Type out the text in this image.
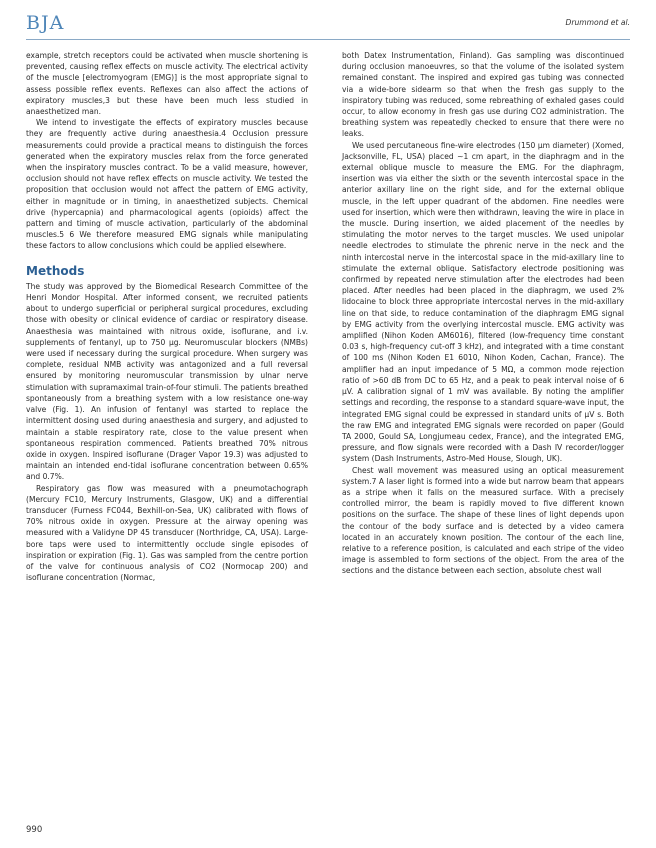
BJA	Drummond et al.

example, stretch receptors could be activated when muscle shortening is prevented, causing reflex effects on muscle activity. The electrical activity of the muscle [electromyogram (EMG)] is the most appropriate signal to assess possible reflex events. Reflexes can also affect the actions of expiratory muscles,3 but these have been much less studied in anaesthetized man.

We intend to investigate the effects of expiratory muscles because they are frequently active during anaesthesia.4 Occlusion pressure measurements could provide a practical means to distinguish the forces generated when the expiratory muscles relax from the force generated when the inspiratory muscles contract. To be a valid measure, however, occlusion should not have reflex effects on muscle activity. We tested the proposition that occlusion would not affect the pattern of EMG activity, either in magnitude or in timing, in anaesthetized subjects. Chemical drive (hypercapnia) and pharmacological agents (opioids) affect the pattern and timing of muscle activation, particularly of the abdominal muscles.5 6 We therefore measured EMG signals while manipulating these factors to allow conclusions which could be applied elsewhere.

Methods

The study was approved by the Biomedical Research Committee of the Henri Mondor Hospital. After informed consent, we recruited patients about to undergo superficial or peripheral surgical procedures, excluding those with obesity or clinical evidence of cardiac or respiratory disease. Anaesthesia was maintained with nitrous oxide, isoflurane, and i.v. supplements of fentanyl, up to 750 μg. Neuromuscular blockers (NMBs) were used if necessary during the surgical procedure. When surgery was complete, residual NMB activity was antagonized and a full reversal ensured by monitoring neuromuscular transmission by ulnar nerve stimulation with supramaximal train-of-four stimuli. The patients breathed spontaneously from a breathing system with a low resistance one-way valve (Fig. 1). An infusion of fentanyl was started to replace the intermittent dosing used during anaesthesia and surgery, and adjusted to maintain a stable respiratory rate, close to the value present when spontaneous respiration commenced. Patients breathed 70% nitrous oxide in oxygen. Inspired isoflurane (Drager Vapor 19.3) was adjusted to maintain an intended end-tidal isoflurane concentration between 0.65% and 0.7%.

Respiratory gas flow was measured with a pneumotachograph (Mercury FC10, Mercury Instruments, Glasgow, UK) and a differential transducer (Furness FC044, Bexhill-on-Sea, UK) calibrated with flows of 70% nitrous oxide in oxygen. Pressure at the airway opening was measured with a Validyne DP 45 transducer (Northridge, CA, USA). Large-bore taps were used to intermittently occlude single episodes of inspiration or expiration (Fig. 1). Gas was sampled from the centre portion of the valve for continuous analysis of CO2 (Normocap 200) and isoflurane concentration (Normac,

both Datex Instrumentation, Finland). Gas sampling was discontinued during occlusion manoeuvres, so that the volume of the isolated system remained constant. The inspired and expired gas tubing was connected via a wide-bore sidearm so that when the fresh gas supply to the inspiratory tubing was reduced, some rebreathing of exhaled gases could occur, to allow economy in fresh gas use during CO2 administration. The breathing system was repeatedly checked to ensure that there were no leaks.

We used percutaneous fine-wire electrodes (150 μm diameter) (Xomed, Jacksonville, FL, USA) placed ~1 cm apart, in the diaphragm and in the external oblique muscle to measure the EMG. For the diaphragm, insertion was via either the sixth or the seventh intercostal space in the anterior axillary line on the right side, and for the external oblique muscle, in the left upper quadrant of the abdomen. Fine needles were used for insertion, which were then withdrawn, leaving the wire in place in the muscle. During insertion, we aided placement of the needles by stimulating the motor nerves to the target muscles. We used unipolar needle electrodes to stimulate the phrenic nerve in the neck and the ninth intercostal nerve in the intercostal space in the mid-axillary line to stimulate the external oblique. Satisfactory electrode positioning was confirmed by repeated nerve stimulation after the electrodes had been placed. After needles had been placed in the diaphragm, we used 2% lidocaine to block three appropriate intercostal nerves in the mid-axillary line on that side, to reduce contamination of the diaphragm EMG signal by EMG activity from the overlying intercostal muscle. EMG activity was amplified (Nihon Koden AM6016), filtered (low-frequency time constant 0.03 s, high-frequency cut-off 3 kHz), and integrated with a time constant of 100 ms (Nihon Koden E1 6010, Nihon Koden, Cachan, France). The amplifier had an input impedance of 5 MΩ, a common mode rejection ratio of >60 dB from DC to 65 Hz, and a peak to peak interval noise of 6 μV. A calibration signal of 1 mV was available. By noting the amplifier settings and recording, the response to a standard square-wave input, the integrated EMG signal could be expressed in standard units of μV s. Both the raw EMG and integrated EMG signals were recorded on paper (Gould TA 2000, Gould SA, Longjumeau cedex, France), and the integrated EMG, pressure, and flow signals were recorded with a Dash IV recorder/logger system (Dash Instruments, Astro-Med House, Slough, UK).

Chest wall movement was measured using an optical measurement system.7 A laser light is formed into a wide but narrow beam that appears as a stripe when it falls on the measured surface. With a precisely controlled mirror, the beam is rapidly moved to five different known positions on the surface. The shape of these lines of light depends upon the contour of the body surface and is detected by a video camera located in an accurately known position. The contour of the each line, relative to a reference position, is calculated and each stripe of the video image is assembled to form sections of the object. From the area of the sections and the distance between each section, absolute chest wall

990
